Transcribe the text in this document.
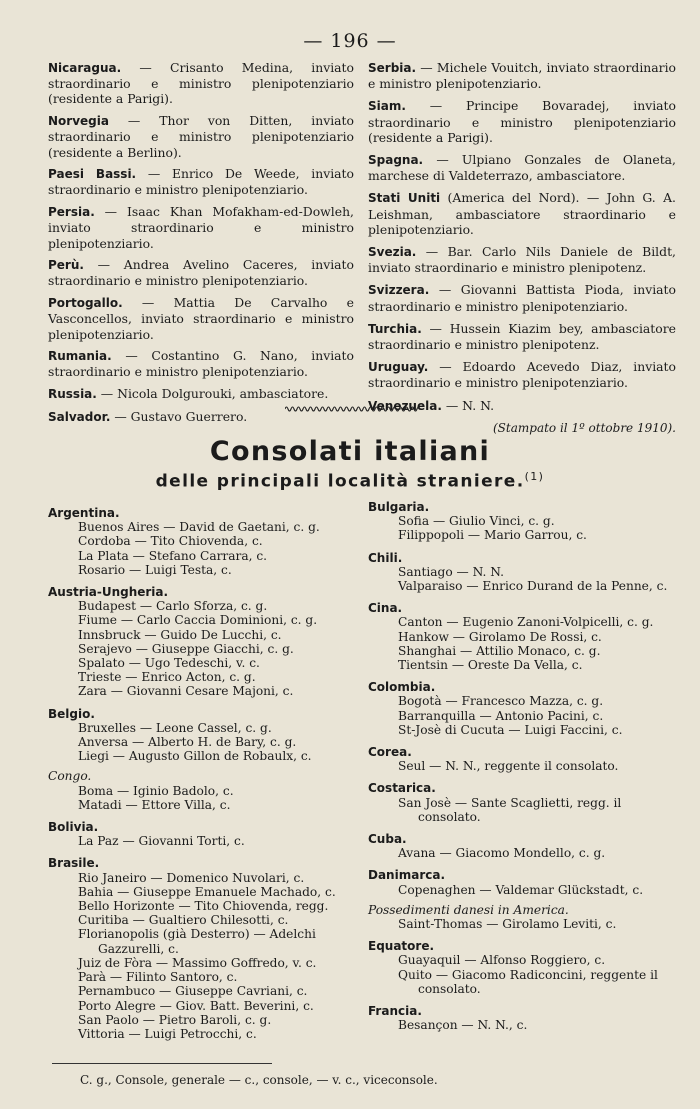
— 196 —
Nicaragua. — Crisanto Medina, inviato straordinario e ministro plenipotenziario (residente a Parigi).
Norvegia — Thor von Ditten, inviato straordinario e ministro plenipotenziario (residente a Berlino).
Paesi Bassi. — Enrico De Weede, inviato straordinario e ministro plenipotenziario.
Persia. — Isaac Khan Mofakham-ed-Dowleh, inviato straordinario e ministro plenipotenziario.
Perù. — Andrea Avelino Caceres, inviato straordinario e ministro plenipotenziario.
Portogallo. — Mattia De Carvalho e Vasconcellos, inviato straordinario e ministro plenipotenziario.
Rumania. — Costantino G. Nano, inviato straordinario e ministro plenipotenziario.
Russia. — Nicola Dolgurouki, ambasciatore.
Salvador. — Gustavo Guerrero.
Serbia. — Michele Vouitch, inviato straordinario e ministro plenipotenziario.
Siam. — Principe Bovaradej, inviato straordinario e ministro plenipotenziario (residente a Parigi).
Spagna. — Ulpiano Gonzales de Olaneta, marchese di Valdeterrazo, ambasciatore.
Stati Uniti (America del Nord). — John G. A. Leishman, ambasciatore straordinario e plenipotenziario.
Svezia. — Bar. Carlo Nils Daniele de Bildt, inviato straordinario e ministro plenipotenz.
Svizzera. — Giovanni Battista Pioda, inviato straordinario e ministro plenipotenziario.
Turchia. — Hussein Kiazim bey, ambasciatore straordinario e ministro plenipotenz.
Uruguay. — Edoardo Acevedo Diaz, inviato straordinario e ministro plenipotenziario.
Venezuela. — N. N.
(Stampato il 1º ottobre 1910).
Consolati italiani
delle principali località straniere.$^{(1)}$
Argentina.
Buenos Aires — David de Gaetani, c. g.
Cordoba — Tito Chiovenda, c.
La Plata — Stefano Carrara, c.
Rosario — Luigi Testa, c.
Austria-Ungheria.
Budapest — Carlo Sforza, c. g.
Fiume — Carlo Caccia Dominioni, c. g.
Innsbruck — Guido De Lucchi, c.
Serajevo — Giuseppe Giacchi, c. g.
Spalato — Ugo Tedeschi, v. c.
Trieste — Enrico Acton, c. g.
Zara — Giovanni Cesare Majoni, c.
Belgio.
Bruxelles — Leone Cassel, c. g.
Anversa — Alberto H. de Bary, c. g.
Liegi — Augusto Gillon de Robaulx, c.
Congo.
Boma — Iginio Badolo, c.
Matadi — Ettore Villa, c.
Bolivia.
La Paz — Giovanni Torti, c.
Brasile.
Rio Janeiro — Domenico Nuvolari, c.
Bahia — Giuseppe Emanuele Machado, c.
Bello Horizonte — Tito Chiovenda, regg.
Curitiba — Gualtiero Chilesotti, c.
Florianopolis (già Desterro) — Adelchi Gazzurelli, c.
Juiz de Fòra — Massimo Goffredo, v. c.
Parà — Filinto Santoro, c.
Pernambuco — Giuseppe Cavriani, c.
Porto Alegre — Giov. Batt. Beverini, c.
San Paolo — Pietro Baroli, c. g.
Vittoria — Luigi Petrocchi, c.
Bulgaria.
Sofia — Giulio Vinci, c. g.
Filippopoli — Mario Garrou, c.
Chili.
Santiago — N. N.
Valparaiso — Enrico Durand de la Penne, c.
Cina.
Canton — Eugenio Zanoni-Volpicelli, c. g.
Hankow — Girolamo De Rossi, c.
Shanghai — Attilio Monaco, c. g.
Tientsin — Oreste Da Vella, c.
Colombia.
Bogotà — Francesco Mazza, c. g.
Barranquilla — Antonio Pacini, c.
St-Josè di Cucuta — Luigi Faccini, c.
Corea.
Seul — N. N., reggente il consolato.
Costarica.
San Josè — Sante Scaglietti, regg. il consolato.
Cuba.
Avana — Giacomo Mondello, c. g.
Danimarca.
Copenaghen — Valdemar Glückstadt, c.
Possedimenti danesi in America.
Saint-Thomas — Girolamo Leviti, c.
Equatore.
Guayaquil — Alfonso Roggiero, c.
Quito — Giacomo Radiconcini, reggente il consolato.
Francia.
Besançon — N. N., c.
C. g., Console, generale — c., console, — v. c., viceconsole.
